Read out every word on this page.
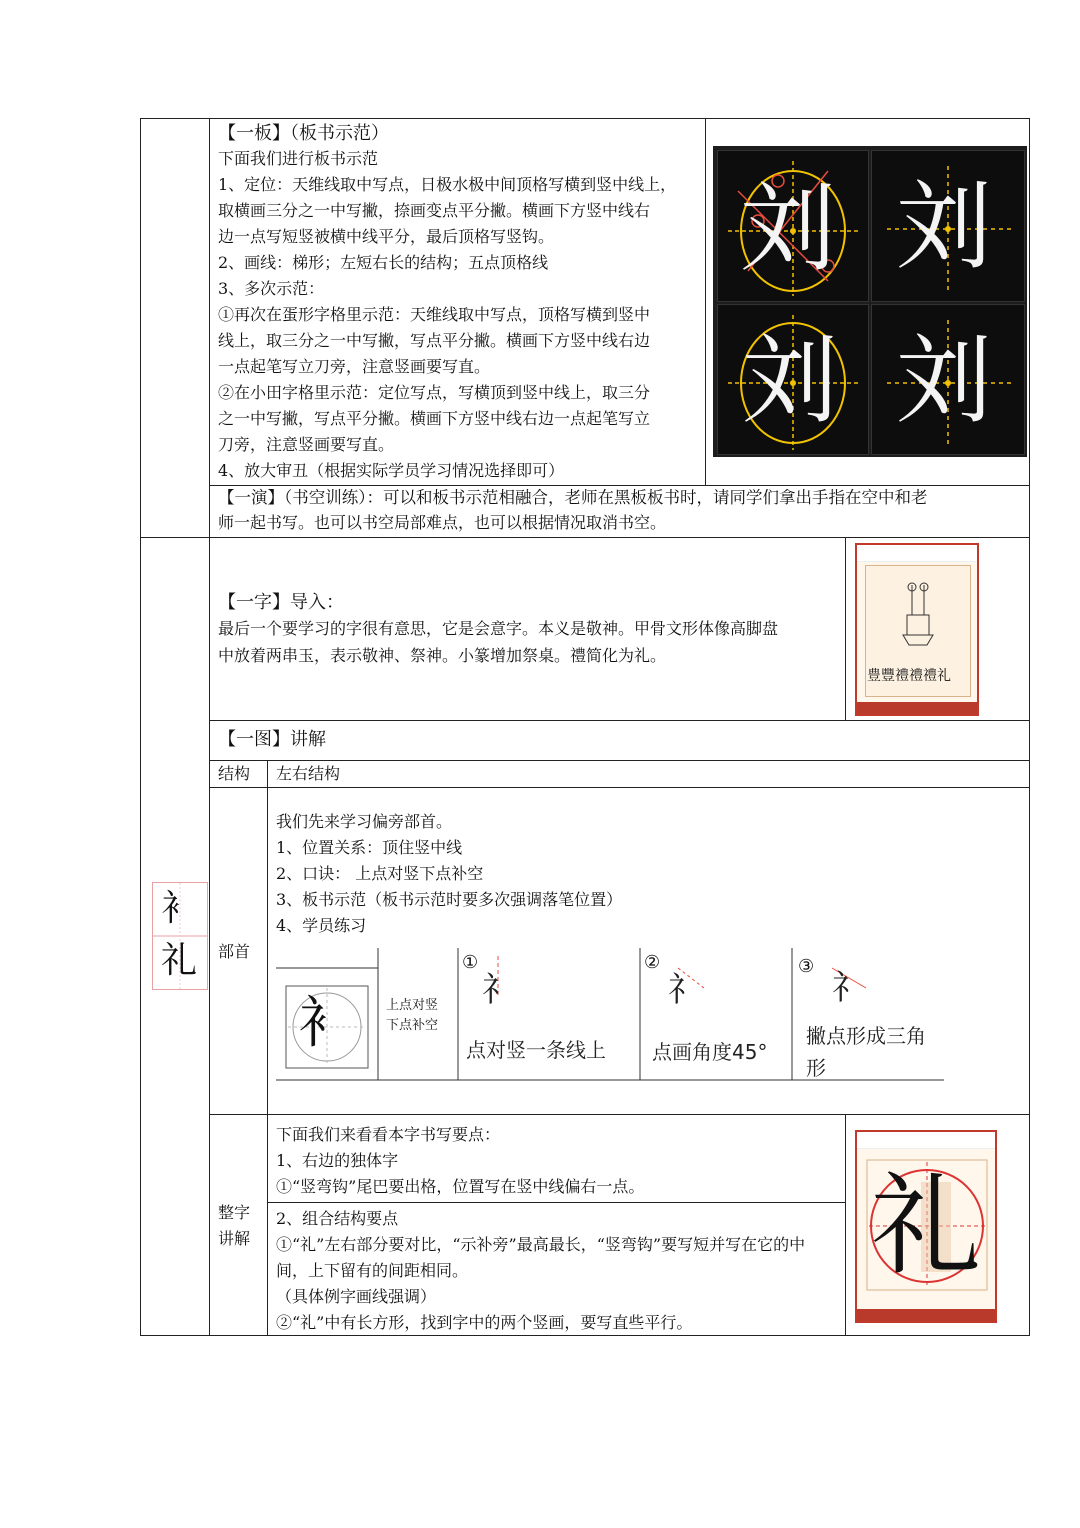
【一板】（板书示范）
下面我们进行板书示范
1、定位：天维线取中写点，日极水极中间顶格写横到竖中线上，
取横画三分之一中写撇，捺画变点平分撇。横画下方竖中线右
边一点写短竖被横中线平分，最后顶格写竖钩。
2、画线：梯形；左短右长的结构；五点顶格线
3、多次示范：
①再次在蛋形字格里示范：天维线取中写点，顶格写横到竖中
线上，取三分之一中写撇，写点平分撇。横画下方竖中线右边
一点起笔写立刀旁，注意竖画要写直。
②在小田字格里示范：定位写点，写横顶到竖中线上，取三分
之一中写撇，写点平分撇。横画下方竖中线右边一点起笔写立
刀旁，注意竖画要写直。
4、放大审丑（根据实际学员学习情况选择即可）
刘 刘
刘 刘
【一演】（书空训练）：可以和板书示范相融合，老师在黑板板书时，请同学们拿出手指在空中和老
师一起书写。也可以书空局部难点，也可以根据情况取消书空。
衤
礼
【一字】导入：
最后一个要学习的字很有意思，它是会意字。本义是敬神。甲骨文形体像高脚盘
中放着两串玉，表示敬神、祭神。小篆增加祭桌。禮简化为礼。
豊豐禮禮禮礼
【一图】讲解
结构 左右结构
部首
我们先来学习偏旁部首。
1、位置关系：顶住竖中线
2、口诀： 上点对竖下点补空
3、板书示范（板书示范时要多次强调落笔位置）
4、学员练习
衤 上点对竖
下点补空
①
礻
点对竖一条线上
②
礻
点画角度45°
③
礻
撇点形成三角
形
整字
讲解
下面我们来看看本字书写要点：
1、右边的独体字
①“竖弯钩”尾巴要出格，位置写在竖中线偏右一点。
2、组合结构要点
①“礼”左右部分要对比，“示补旁”最高最长，“竖弯钩”要写短并写在它的中
间，上下留有的间距相同。
（具体例字画线强调）
②“礼”中有长方形，找到字中的两个竖画，要写直些平行。
礼
